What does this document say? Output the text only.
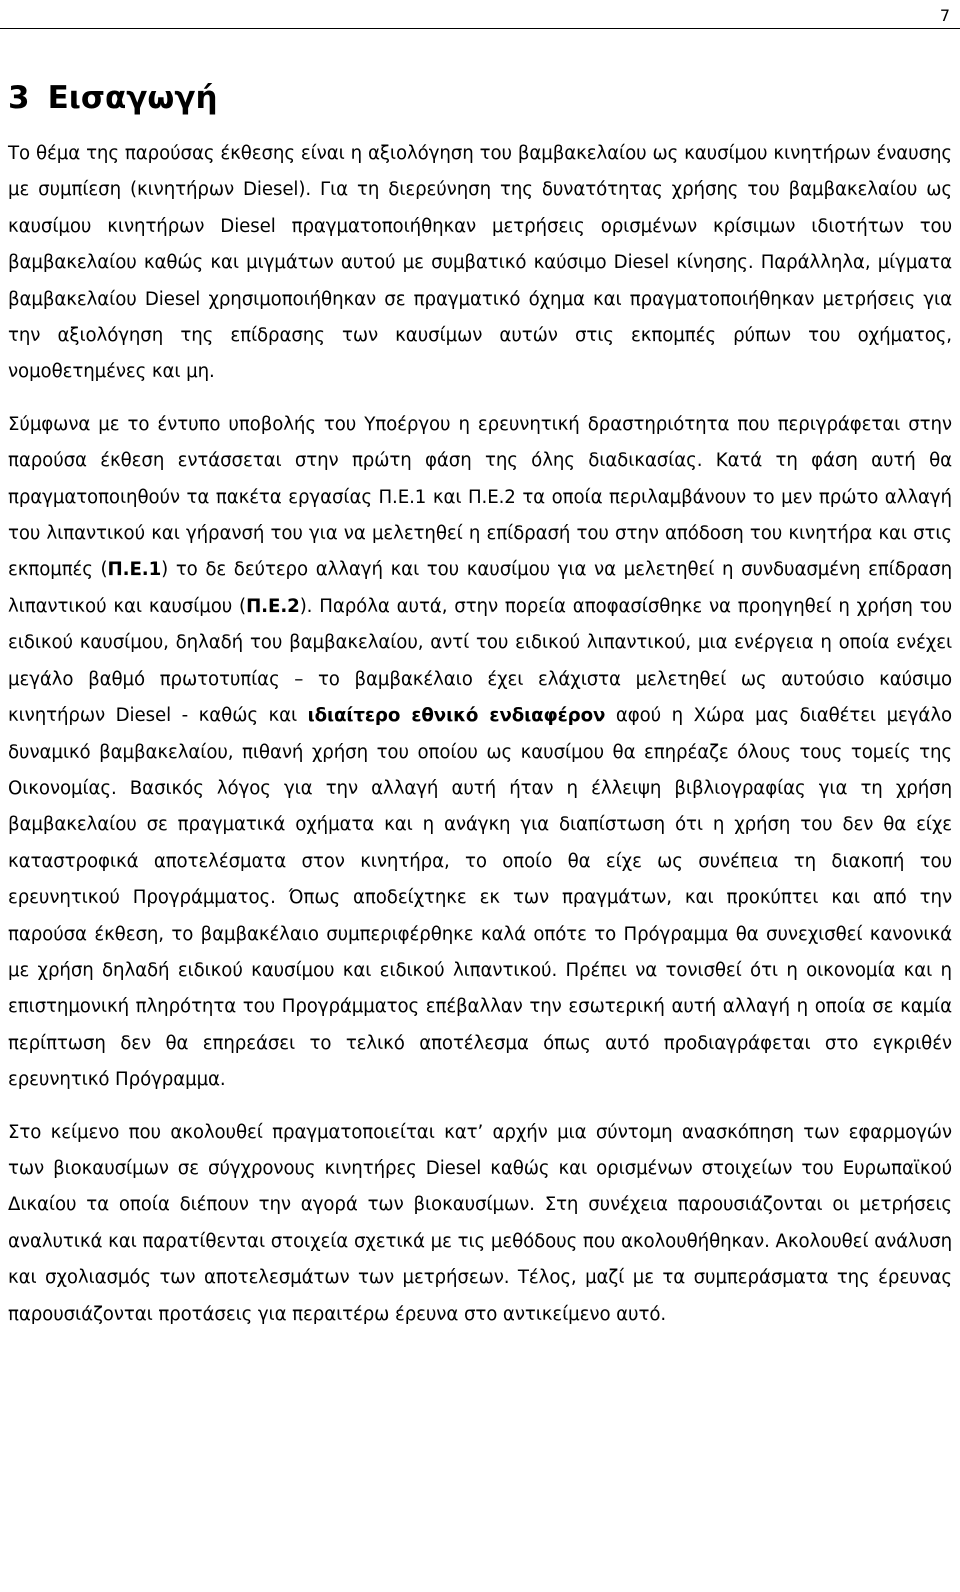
7
3 Εισαγωγή

Το θέμα της παρούσας έκθεσης είναι η αξιολόγηση του βαμβακελαίου ως καυσίμου κινητήρων έναυσης με συμπίεση (κινητήρων Diesel). Για τη διερεύνηση της δυνατότητας χρήσης του βαμβακελαίου ως καυσίμου κινητήρων Diesel πραγματοποιήθηκαν μετρήσεις ορισμένων κρίσιμων ιδιοτήτων του βαμβακελαίου καθώς και μιγμάτων αυτού με συμβατικό καύσιμο Diesel κίνησης. Παράλληλα, μίγματα βαμβακελαίου Diesel χρησιμοποιήθηκαν σε πραγματικό όχημα και πραγματοποιήθηκαν μετρήσεις για την αξιολόγηση της επίδρασης των καυσίμων αυτών στις εκπομπές ρύπων του οχήματος, νομοθετημένες και μη.

Σύμφωνα με το έντυπο υποβολής του Υποέργου η ερευνητική δραστηριότητα που περιγράφεται στην παρούσα έκθεση εντάσσεται στην πρώτη φάση της όλης διαδικασίας. Κατά τη φάση αυτή θα πραγματοποιηθούν τα πακέτα εργασίας Π.Ε.1 και Π.Ε.2 τα οποία περιλαμβάνουν το μεν πρώτο αλλαγή του λιπαντικού και γήρανσή του για να μελετηθεί η επίδρασή του στην απόδοση του κινητήρα και στις εκπομπές (Π.Ε.1) το δε δεύτερο αλλαγή και του καυσίμου για να μελετηθεί η συνδυασμένη επίδραση λιπαντικού και καυσίμου (Π.Ε.2). Παρόλα αυτά, στην πορεία αποφασίσθηκε να προηγηθεί η χρήση του ειδικού καυσίμου, δηλαδή του βαμβακελαίου, αντί του ειδικού λιπαντικού, μια ενέργεια η οποία ενέχει μεγάλο βαθμό πρωτοτυπίας – το βαμβακέλαιο έχει ελάχιστα μελετηθεί ως αυτούσιο καύσιμο κινητήρων Diesel - καθώς και ιδιαίτερο εθνικό ενδιαφέρον αφού η Χώρα μας διαθέτει μεγάλο δυναμικό βαμβακελαίου, πιθανή χρήση του οποίου ως καυσίμου θα επηρέαζε όλους τους τομείς της Οικονομίας. Βασικός λόγος για την αλλαγή αυτή ήταν η έλλειψη βιβλιογραφίας για τη χρήση βαμβακελαίου σε πραγματικά οχήματα και η ανάγκη για διαπίστωση ότι η χρήση του δεν θα είχε καταστροφικά αποτελέσματα στον κινητήρα, το οποίο θα είχε ως συνέπεια τη διακοπή του ερευνητικού Προγράμματος. Όπως αποδείχτηκε εκ των πραγμάτων, και προκύπτει και από την παρούσα έκθεση, το βαμβακέλαιο συμπεριφέρθηκε καλά οπότε το Πρόγραμμα θα συνεχισθεί κανονικά με χρήση δηλαδή ειδικού καυσίμου και ειδικού λιπαντικού. Πρέπει να τονισθεί ότι η οικονομία και η επιστημονική πληρότητα του Προγράμματος επέβαλλαν την εσωτερική αυτή αλλαγή η οποία σε καμία περίπτωση δεν θα επηρεάσει το τελικό αποτέλεσμα όπως αυτό προδιαγράφεται στο εγκριθέν ερευνητικό Πρόγραμμα.

Στο κείμενο που ακολουθεί πραγματοποιείται κατ’ αρχήν μια σύντομη ανασκόπηση των εφαρμογών των βιοκαυσίμων σε σύγχρονους κινητήρες Diesel καθώς και ορισμένων στοιχείων του Ευρωπαϊκού Δικαίου τα οποία διέπουν την αγορά των βιοκαυσίμων. Στη συνέχεια παρουσιάζονται οι μετρήσεις αναλυτικά και παρατίθενται στοιχεία σχετικά με τις μεθόδους που ακολουθήθηκαν. Ακολουθεί ανάλυση και σχολιασμός των αποτελεσμάτων των μετρήσεων. Τέλος, μαζί με τα συμπεράσματα της έρευνας παρουσιάζονται προτάσεις για περαιτέρω έρευνα στο αντικείμενο αυτό.
